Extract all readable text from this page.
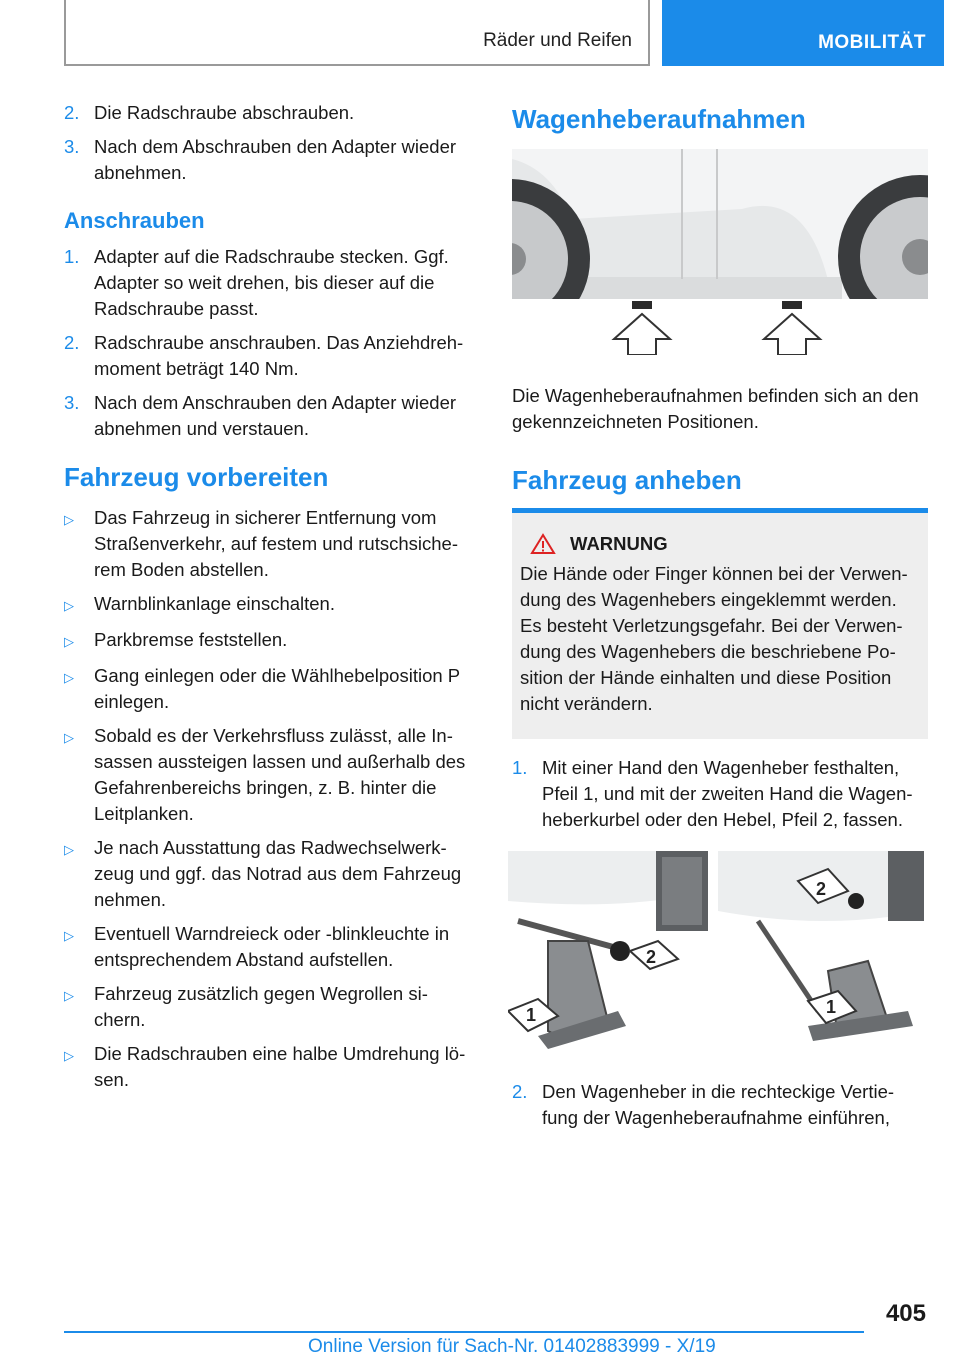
Räder und Reifen	MOBILITÄT
2. Die Radschraube abschrauben.
3. Nach dem Abschrauben den Adapter wieder abnehmen.
Anschrauben
1. Adapter auf die Radschraube stecken. Ggf. Adapter so weit drehen, bis dieser auf die Radschraube passt.
2. Radschraube anschrauben. Das Anziehdreh-moment beträgt 140 Nm.
3. Nach dem Anschrauben den Adapter wieder abnehmen und verstauen.
Fahrzeug vorbereiten
▷	Das Fahrzeug in sicherer Entfernung vom Straßenverkehr, auf festem und rutschsiche-rem Boden abstellen.
▷	Warnblinkanlage einschalten.
▷	Parkbremse feststellen.
▷	Gang einlegen oder die Wählhebelposition P einlegen.
▷	Sobald es der Verkehrsfluss zulässt, alle In-sassen aussteigen lassen und außerhalb des Gefahrenbereichs bringen, z. B. hinter die Leitplanken.
▷	Je nach Ausstattung das Radwechselwerk-zeug und ggf. das Notrad aus dem Fahrzeug nehmen.
▷	Eventuell Warndreieck oder -blinkleuchte in entsprechendem Abstand aufstellen.
▷	Fahrzeug zusätzlich gegen Wegrollen si-chern.
▷	Die Radschrauben eine halbe Umdrehung lö-sen.
Wagenheberaufnahmen
Die Wagenheberaufnahmen befinden sich an den gekennzeichneten Positionen.
Fahrzeug anheben
WARNUNG
Die Hände oder Finger können bei der Verwen-dung des Wagenhebers eingeklemmt werden. Es besteht Verletzungsgefahr. Bei der Verwen-dung des Wagenhebers die beschriebene Po-sition der Hände einhalten und diese Position nicht verändern.
1. Mit einer Hand den Wagenheber festhalten, Pfeil 1, und mit der zweiten Hand die Wagen-heberkurbel oder den Hebel, Pfeil 2, fassen.
2
1
2
1
2. Den Wagenheber in die rechteckige Vertie-fung der Wagenheberaufnahme einführen,
405
Online Version für Sach-Nr. 01402883999 - X/19
